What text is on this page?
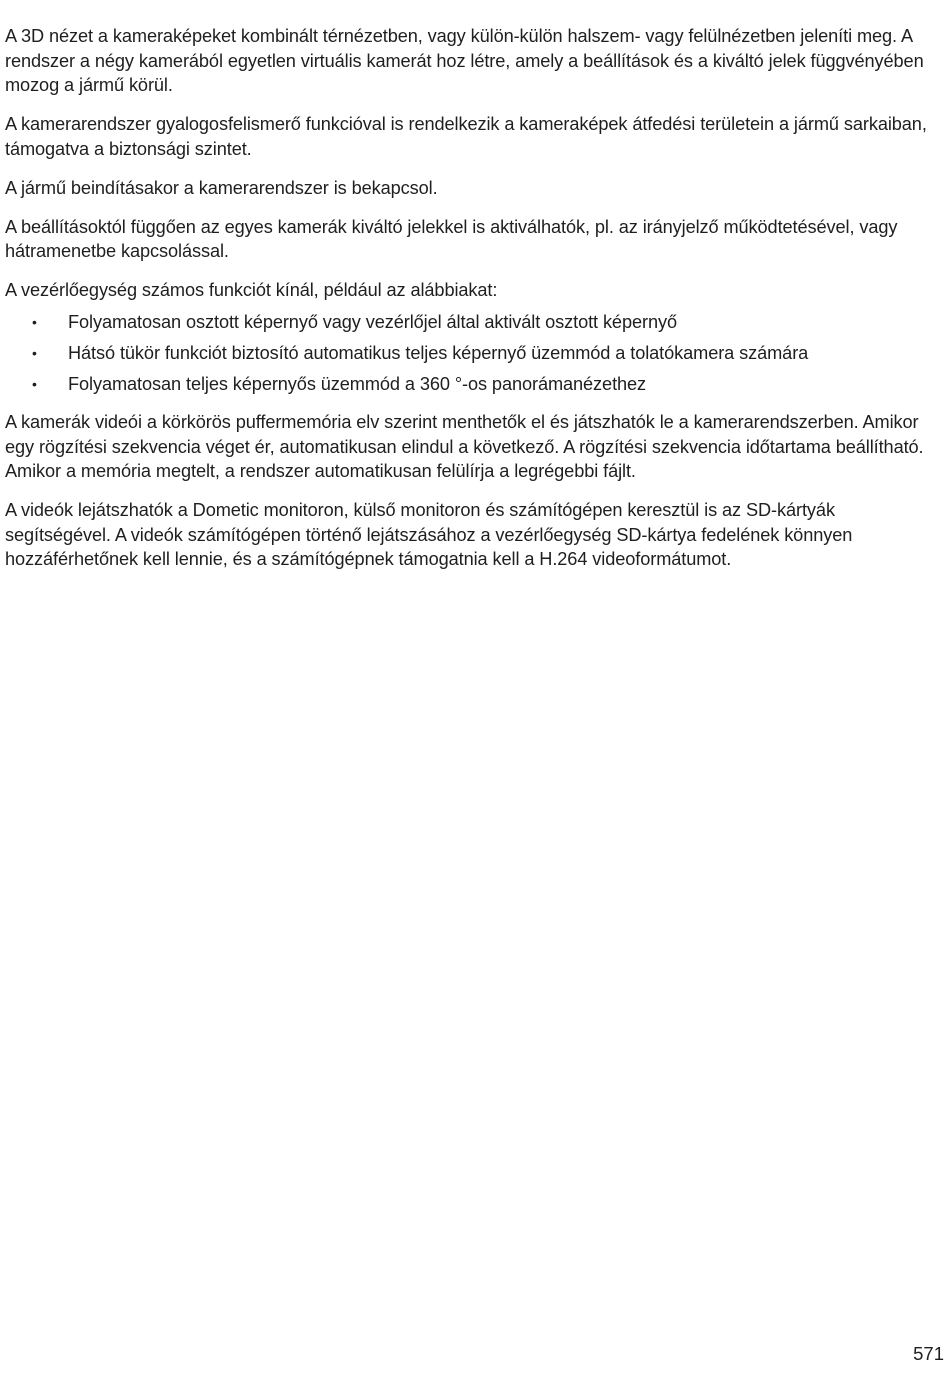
A 3D nézet a kameraképeket kombinált térnézetben, vagy külön-külön halszem- vagy felülnézetben jeleníti meg. A rendszer a négy kamerából egyetlen virtuális kamerát hoz létre, amely a beállítások és a kiváltó jelek függvényében mozog a jármű körül.

A kamerarendszer gyalogosfelismerő funkcióval is rendelkezik a kameraképek átfedési területein a jármű sarkaiban, támogatva a biztonsági szintet.

A jármű beindításakor a kamerarendszer is bekapcsol.

A beállításoktól függően az egyes kamerák kiváltó jelekkel is aktiválhatók, pl. az irányjelző működtetésével, vagy hátramenetbe kapcsolással.

A vezérlőegység számos funkciót kínál, például az alábbiakat:

• Folyamatosan osztott képernyő vagy vezérlőjel által aktivált osztott képernyő
• Hátsó tükör funkciót biztosító automatikus teljes képernyő üzemmód a tolatókamera számára
• Folyamatosan teljes képernyős üzemmód a 360 °-os panorámanézethez

A kamerák videói a körkörös puffermemória elv szerint menthetők el és játszhatók le a kamerarendszerben. Amikor egy rögzítési szekvencia véget ér, automatikusan elindul a következő. A rögzítési szekvencia időtartama beállítható. Amikor a memória megtelt, a rendszer automatikusan felülírja a legrégebbi fájlt.

A videók lejátszhatók a Dometic monitoron, külső monitoron és számítógépen keresztül is az SD-kártyák segítségével. A videók számítógépen történő lejátszásához a vezérlőegység SD-kártya fedelének könnyen hozzáférhetőnek kell lennie, és a számítógépnek támogatnia kell a H.264 videoformátumot.

571
